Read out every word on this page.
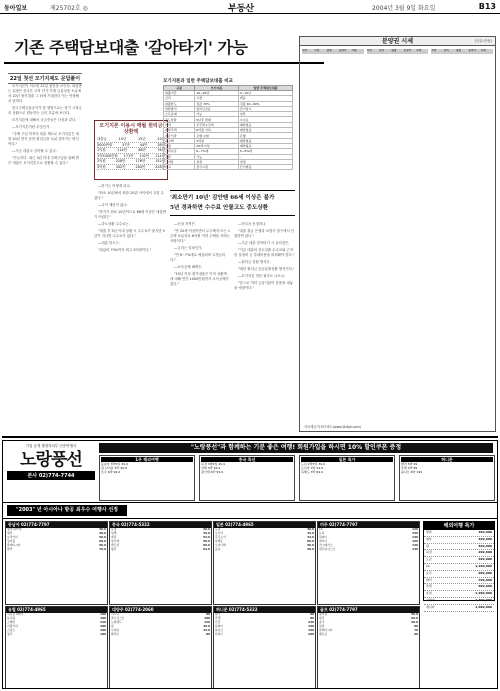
동아일보	제25702호 ◎	부동산	2004년 3월 9일 화요일	B13
기존 주택담보대출 '갈아타기' 가능
22일 첫선 모기지제도 문답풀이

모기지론이 이르면 22일 첫선을 보인다. 대출받는 입장은 한국은 고작 단기·가계 금융상품 소유에 서 10년 장기대출 그 외에 기대한다 이는 안정해서 달하다.

한국주택금융공사가 달 방법으로는 장기 고정금리 상환으로 변동하는 금리 흐름에 보인다.

모기지론에 대해서 궁금증들은 다음과 같다.

―모기지론이란 무엇인가.

"주택 구입 목적의 대출 제도로 모기지론은 최장 20년 만기 동안 원리금을 나눠 갚아가는 방식이다."

―기존 대출도 갈아탈 수 있나.

"가능하다. 최근 3년 이내 주택구입을 위해 받은 대출은 모기지론으로 전환할 수 있다."

―만기는 어떻게 되나.

"최소 10년에서 최장 20년 사이에서 고를 수 있다."

―나이 제한이 있나.

"만기가 최소 10년이므로 66세 이상은 대출받기 어렵다."

―중도상환 수수료는.

"대출 후 5년 이내 상환 시 수수료가 붙지만 5년이 지나면 수수료가 없다."

―대출 한도는.

"집값의 70%까지 최고 3억원이다."

―신청 자격은.

"만 20세 이상이면서 무주택자 또는 1주택 보유자로 6억원 이하 주택을 사려는 사람이다."

―금리는 얼마인가.

"연 6~7%대로 예상되며 고정금리다."

―소득공제 혜택은.

"15년 이상 장기대출은 이자 상환액에 대해 연간 1000만원까지 소득공제가 된다."

―어디서 신청하나.

"대출 취급 은행과 보험사 창구에서 신청하면 된다."

―기존 대출 갈아타기 시 유의점은.

"기존 대출의 중도상환 수수료와 근저당 설정비 등 부대비용을 따져봐야 한다."

―원리금 상환 방식은.

"매달 원리금 균등분할상환 방식이다."

―모기지론 전문 회사도 나오나.

"앞으로 여러 금융기관이 상품을 내놓을 예정이다."

모기지론 이용시 매월 원리금 상환액
대출금	10년	15년	20년
5000만원	57만	44만	38만
1억원	114만	88만	76만
1억5000만원 171만 132만 114만
2억원	228만	176만	152만
3억원	342만	264만	228만
모기지론과 일반 주택담보대출 비교
구분	모기지론	일반 주택담보대출
대출기간	10~20년	3~10년
금리	고정	변동
대출한도	집값 70%	집값 40~60%
상환방식	원리금균등	만기일시
소득공제	가능	일부
중도상환	5년후 면제	수수료
자격	무주택·1주택	제한없음
대상주택	6억원 이하	제한없음
취급기관	은행·보험	은행
최고액	3억원	제한없음
연령	20세 이상	제한없음
금리수준	6~7%대	5~6%대
전환	가능	-
근저당	설정	설정
비고	장기고정	단기변동
'최소만기 10년' 감안땐 66세 이상은 불가
5년 경과하면 수수료 안물고도 중도상환
분양권 시세	(단위:만원)
지역	단지	평형	분양가	시세	지역	단지	평형	분양가	시세	지역	단지	평형	분양가	시세
자료제공:닥터아파트(www.DrApt.com)
기업 공개 행정자치부 인증여행사
노랑풍선
본사 02)774-7744
"노랑풍선"과 함께하는 기분 좋은 여행! 회원가입을 하시면 10% 할인쿠폰 증정
1주 해외여행
동남아 3박5일 39.9
괌·사이판 4박 49.9
호주 6박 99.9
중국 특선
북경 3박4일 29.9
상해 3박 34.9
장가계 4박 59.9
일본 특가
도쿄 2박3일 39.9
오사카 3박 44.9
북해도 3박 69.9
허니문
발리 5박 99
푸켓 4박 89
몰디브 6박 199
"2003" 년 아시아나 항공 최우수 여행사 선정
동남아 02)774-7797
방콕 파타야	39.9
세부	49.9
보라카이	59.9
싱가폴	69.9
말레이시아	59.9
발리	79.9
중국 02)774-5322
북경	29.9
상해	34.9
계림	54.9
장가계	59.9
백두산	69.9
황산	64.9
일본 02)774-4965
도쿄	39.9
오사카	44.9
후쿠오카	34.9
북해도	69.9
오키나와	59.9
큐슈	49.9
미주 02)774-7797
LA	129
뉴욕	159
하와이	139
캐나다	169
라스베가스	149
샌프란시스코	139
유럽 02)774-4965
서유럽 4개국	199
동유럽	189
스페인	219
이탈리아	209
스위스	199
영국	189
대양주 02)774-2060
시드니	99
골드코스트	109
뉴질랜드	129
괌	49.9
사이판	44.9
팔라우	89
허니문 02)774-5322
발리	99
푸켓	89
칸쿤	249
하와이	159
몰디브	199
타히티	299
골프 02)774-7797
필리핀	59.9
태국	69.9
중국	49.9
일본	89
말레이시아	79
베트남	69
해외여행 특가
방콕	399,000
세부	499,000
괌	499,000
북경	299,000
도쿄	399,000
LA	1,290,000
호주	999,000
발리	799,000
푸켓	699,000
유럽	1,990,000
하와이	1,390,000
캐나다	1,690,000
